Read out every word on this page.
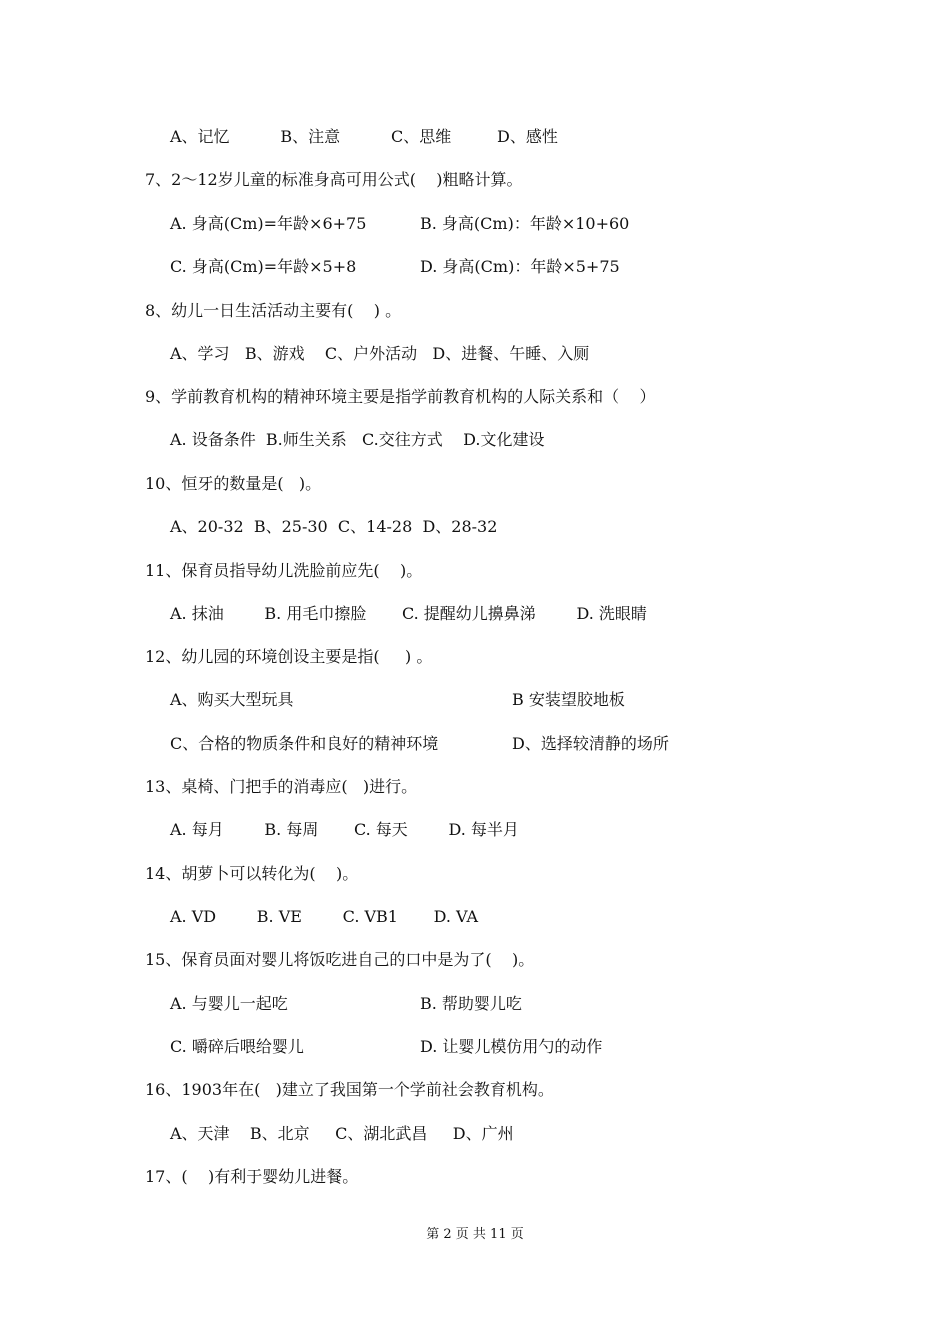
A、记忆          B、注意          C、思维         D、感性
7、2～12岁儿童的标准身高可用公式(    )粗略计算。
A. 身高(Cm)=年龄×6+75	B. 身高(Cm)：年龄×10+60
C. 身高(Cm)=年龄×5+8	D. 身高(Cm)：年龄×5+75
8、幼儿一日生活活动主要有(    ) 。
A、学习   B、游戏    C、户外活动   D、进餐、午睡、入厕
9、学前教育机构的精神环境主要是指学前教育机构的人际关系和（    ）
A. 设备条件  B.师生关系   C.交往方式    D.文化建设
10、恒牙的数量是(   )。
A、20-32  B、25-30  C、14-28  D、28-32
11、保育员指导幼儿洗脸前应先(    )。
A. 抹油        B. 用毛巾擦脸       C. 提醒幼儿擤鼻涕        D. 洗眼睛
12、幼儿园的环境创设主要是指(     ) 。
A、购买大型玩具	B 安装望胶地板
C、合格的物质条件和良好的精神环境	D、选择较清静的场所
13、桌椅、门把手的消毒应(   )进行。
A. 每月        B. 每周       C. 每天        D. 每半月
14、胡萝卜可以转化为(    )。
A. VD        B. VE        C. VB1       D. VA
15、保育员面对婴儿将饭吃进自己的口中是为了(    )。
A. 与婴儿一起吃	B. 帮助婴儿吃
C. 嚼碎后喂给婴儿	D. 让婴儿模仿用勺的动作
16、1903年在(   )建立了我国第一个学前社会教育机构。
A、天津    B、北京     C、湖北武昌     D、广州
17、(    )有利于婴幼儿进餐。
第 2 页 共 11 页
